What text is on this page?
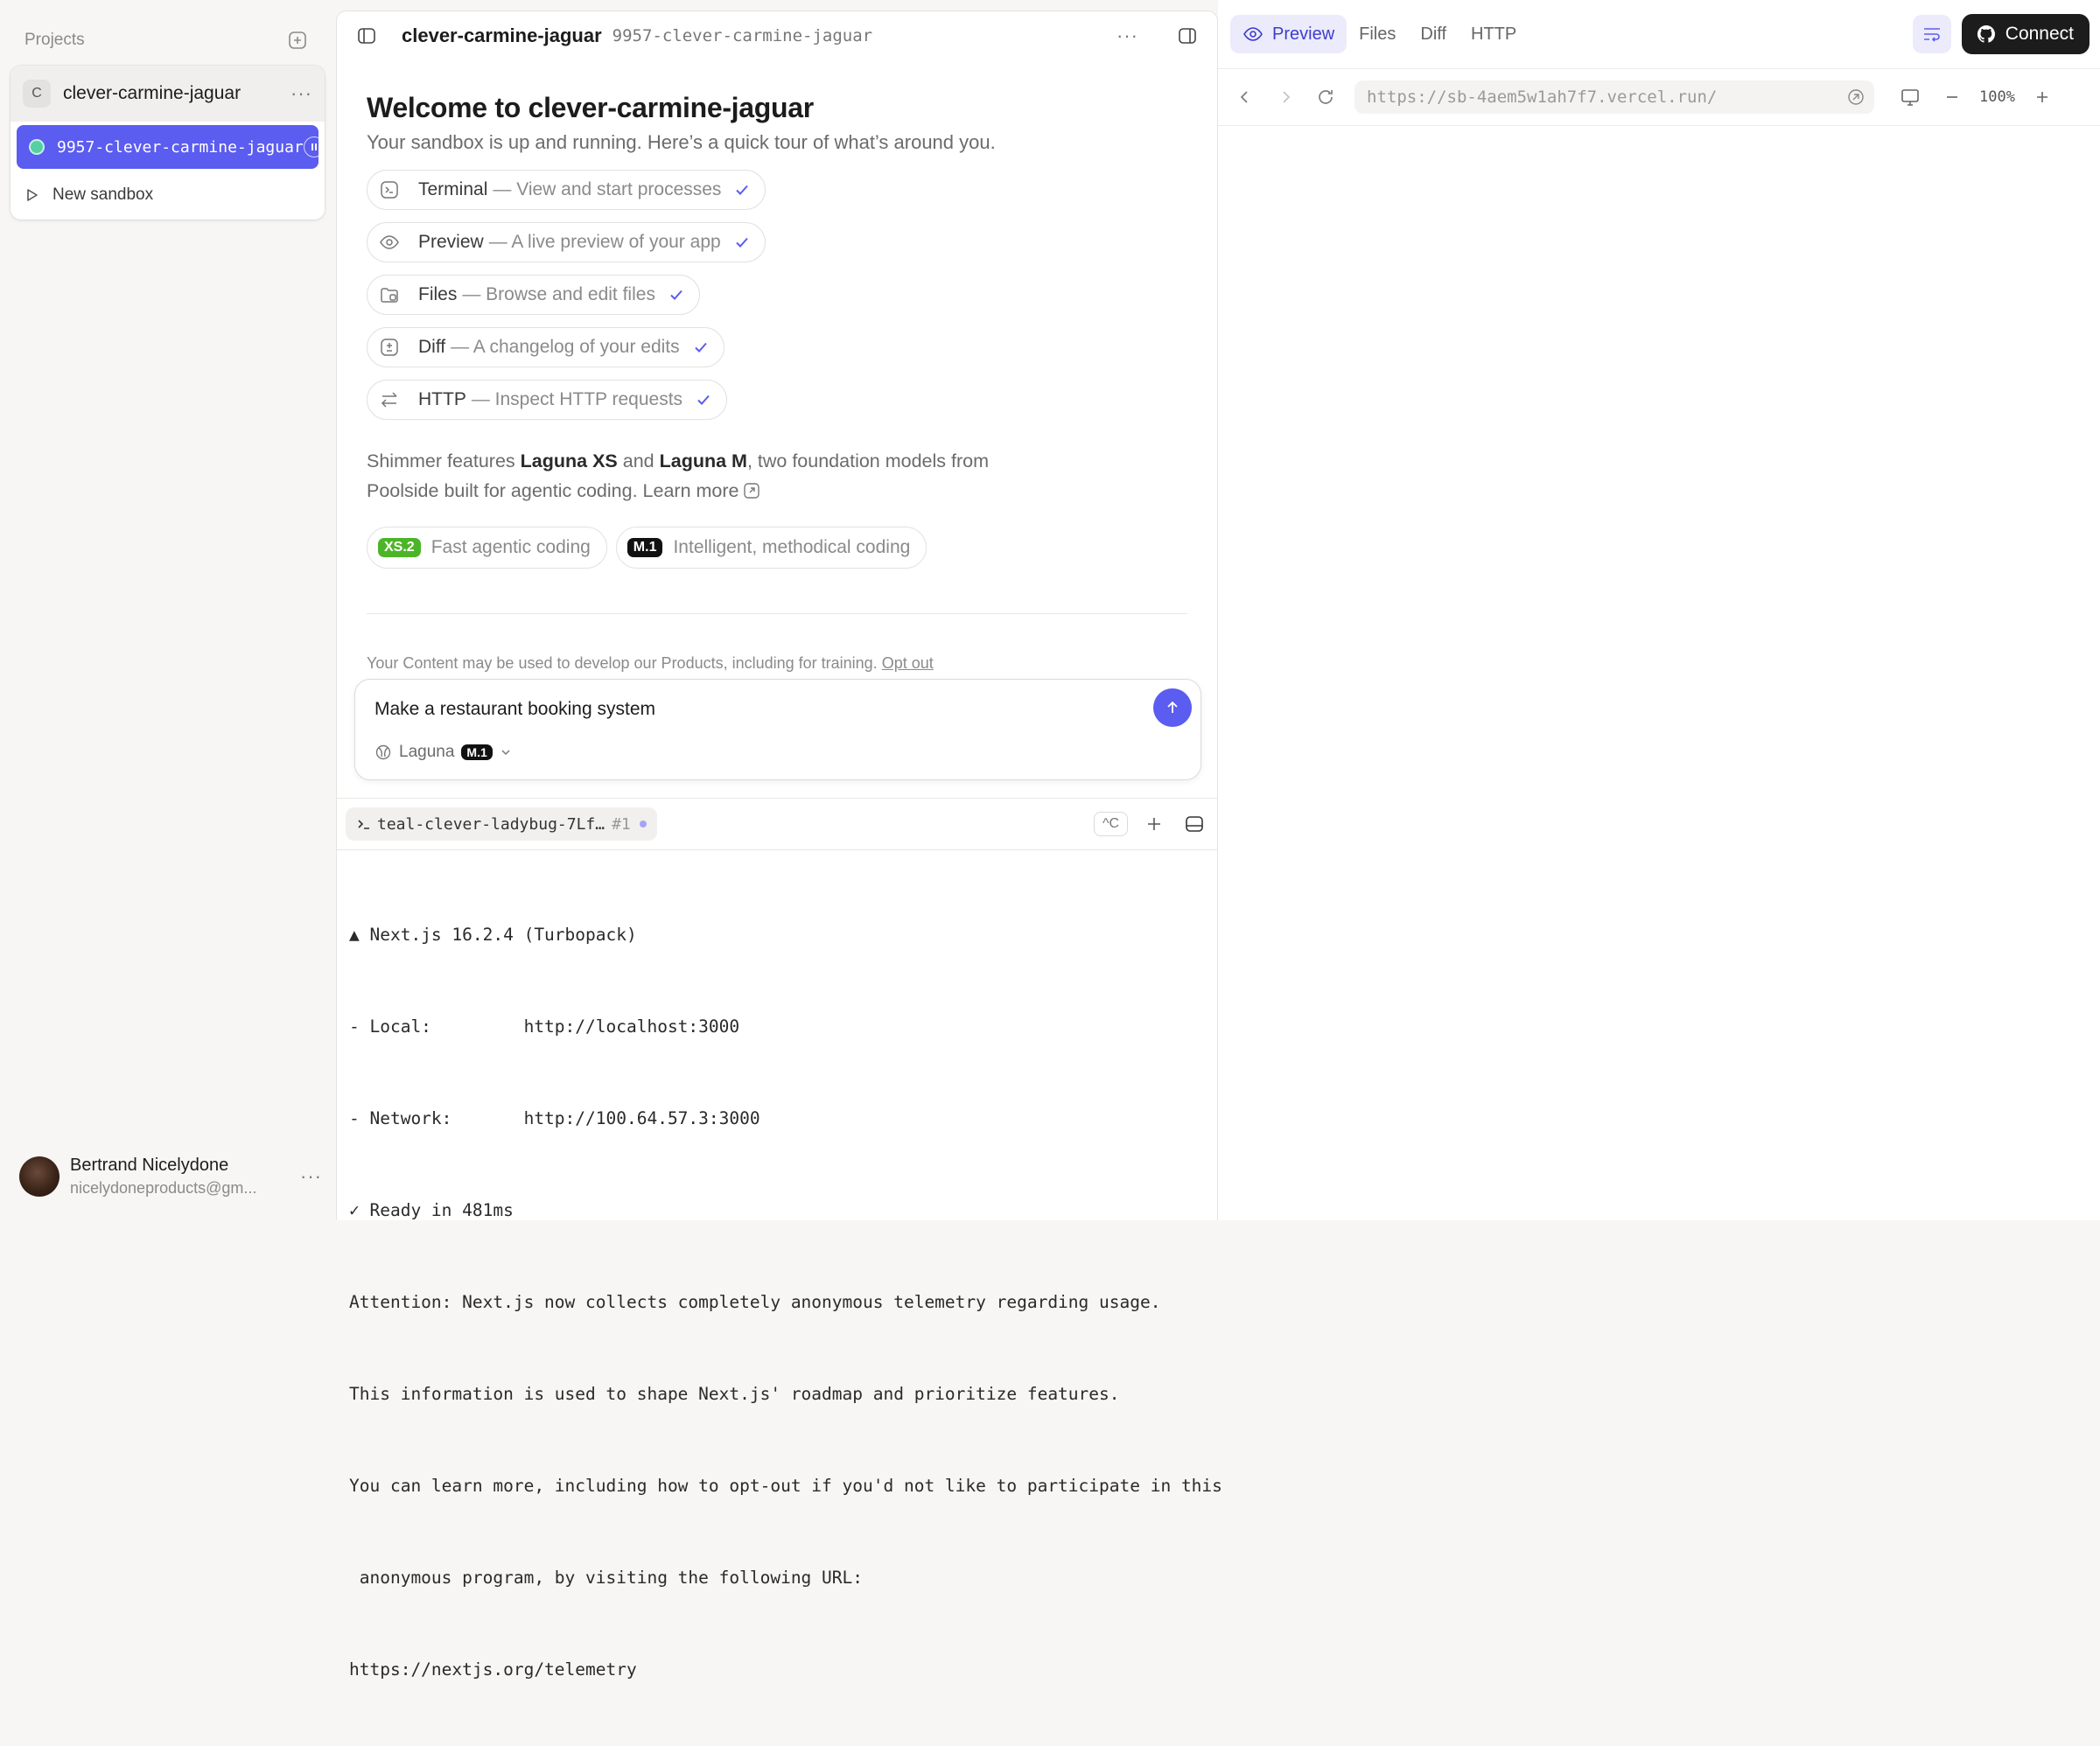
Projects
C	clever-carmine-jaguar	···
9957-clever-carmine-jaguar
New sandbox
Bertrand Nicelydone
nicelydoneproducts@gm...
···
clever-carmine-jaguar 9957-clever-carmine-jaguar	···
Welcome to clever-carmine-jaguar
Your sandbox is up and running. Here’s a quick tour of what’s around you.
Terminal — View and start processes
Preview — A live preview of your app
Files — Browse and edit files
Diff — A changelog of your edits
HTTP — Inspect HTTP requests
Shimmer features Laguna XS and Laguna M, two foundation models from Poolside built for agentic coding. Learn more
XS.2 Fast agentic coding	M.1 Intelligent, methodical coding
Your Content may be used to develop our Products, including for training. Opt out
Make a restaurant booking system
Laguna	M.1
teal-clever-ladybug-7Lf… #1	^C

▲ Next.js 16.2.4 (Turbopack)

- Local:         http://localhost:3000

- Network:       http://100.64.57.3:3000

✓ Ready in 481ms

Attention: Next.js now collects completely anonymous telemetry regarding usage.

This information is used to shape Next.js' roadmap and prioritize features.

You can learn more, including how to opt-out if you'd not like to participate in this

anonymous program, by visiting the following URL:

https://nextjs.org/telemetry

Preview	Files	Diff	HTTP	Connect
https://sb-4aem5w1ah7f7.vercel.run/	100%
